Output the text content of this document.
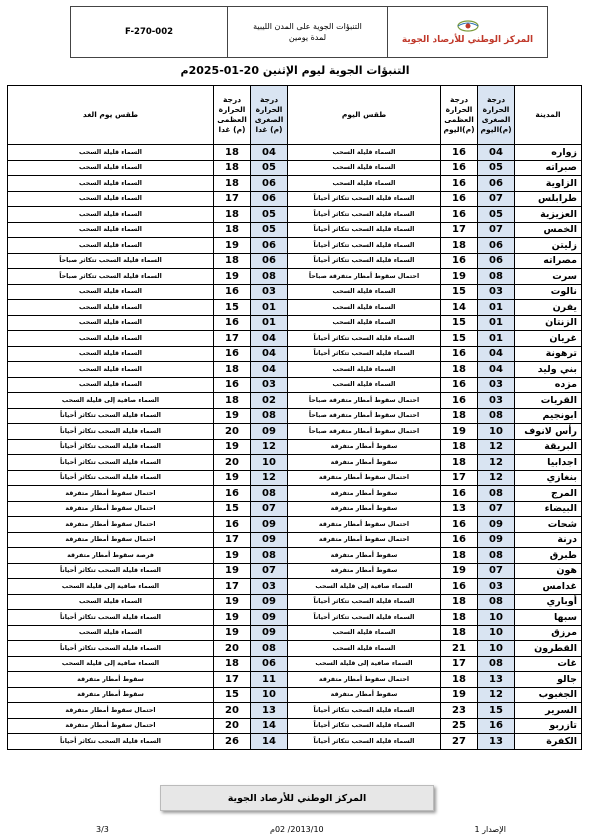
المركز الوطني للأرصاد الجوية
التنبؤات الجوية على المدن الليبية
لمدة يومين
F-270-002
التنبؤات الجوية ليوم الإثنين 20-01-2025م
المدينة	درجة الحرارة الصغرى (م)اليوم	درجة الحرارة العظمى (م)اليوم	طقس اليوم	درجة الحرارة الصغرى (م) غدا	درجة الحرارة العظمى (م) غدا	طقس يوم الغد
زواره	04	16	السماء قليلة السحب	04	18	السماء قليلة السحب
صبراته	05	16	السماء قليلة السحب	05	18	السماء قليلة السحب
الزاوية	06	16	السماء قليلة السحب	06	18	السماء قليلة السحب
طرابلس	07	16	السماء قليلة السحب تتكاثر أحياناً	06	17	السماء قليلة السحب
العزيزية	05	16	السماء قليلة السحب تتكاثر أحياناً	05	18	السماء قليلة السحب
الخمس	07	17	السماء قليلة السحب تتكاثر أحياناً	05	18	السماء قليلة السحب
زليتن	06	18	السماء قليلة السحب تتكاثر أحياناً	06	19	السماء قليلة السحب
مصراته	06	16	السماء قليلة السحب تتكاثر أحياناً	06	18	السماء قليلة السحب تتكاثر صباحاً
سرت	08	19	احتمال سقوط أمطار متفرقة صباحاً	08	19	السماء قليلة السحب تتكاثر صباحاً
نالوت	03	15	السماء قليلة السحب	03	16	السماء قليلة السحب
يفرن	01	14	السماء قليلة السحب	01	15	السماء قليلة السحب
الزنتان	01	15	السماء قليلة السحب	01	16	السماء قليلة السحب
غريان	01	15	السماء قليلة السحب تتكاثر أحياناً	04	17	السماء قليلة السحب
ترهونة	04	16	السماء قليلة السحب تتكاثر أحياناً	04	16	السماء قليلة السحب
بني وليد	04	18	السماء قليلة السحب	04	18	السماء قليلة السحب
مزده	03	16	السماء قليلة السحب	03	16	السماء قليلة السحب
القريات	03	16	احتمال سقوط أمطار متفرقة صباحاً	02	18	السماء صافية إلى قليلة السحب
ابونجيم	08	18	احتمال سقوط أمطار متفرقة صباحاً	08	19	السماء قليلة السحب تتكاثر أحياناً
رأس لانوف	10	19	احتمال سقوط أمطار متفرقة صباحاً	09	20	السماء قليلة السحب تتكاثر أحياناً
البريقة	12	18	سقوط أمطار متفرقة	12	19	السماء قليلة السحب تتكاثر أحياناً
اجدابيا	12	18	سقوط أمطار متفرقة	10	20	السماء قليلة السحب تتكاثر أحياناً
بنغازي	12	17	احتمال سقوط أمطار متفرقة	12	19	السماء قليلة السحب تتكاثر أحياناً
المرج	08	16	سقوط أمطار متفرقة	08	16	احتمال سقوط أمطار متفرقة
البيضاء	07	13	سقوط أمطار متفرقة	07	15	احتمال سقوط أمطار متفرقة
شحات	09	16	احتمال سقوط أمطار متفرقة	09	16	احتمال سقوط أمطار متفرقة
درنة	09	16	احتمال سقوط أمطار متفرقة	09	17	احتمال سقوط أمطار متفرقة
طبرق	08	18	سقوط أمطار متفرقة	08	19	فرصة سقوط أمطار متفرقة
هون	07	19	سقوط أمطار متفرقة	07	19	السماء قليلة السحب تتكاثر أحياناً
غدامس	03	16	السماء صافية إلى قليلة السحب	03	17	السماء صافية إلى قليلة السحب
أوباري	08	18	السماء قليلة السحب تتكاثر أحياناً	09	19	السماء قليلة السحب
سبها	10	18	السماء قليلة السحب تتكاثر أحياناً	09	19	السماء قليلة السحب تتكاثر أحياناً
مرزق	10	18	السماء قليلة السحب	09	19	السماء قليلة السحب
القطرون	10	21	السماء قليلة السحب	08	20	السماء قليلة السحب تتكاثر أحياناً
غات	08	17	السماء صافية إلى قليلة السحب	06	18	السماء صافية إلى قليلة السحب
جالو	13	18	احتمال سقوط أمطار متفرقة	11	17	سقوط أمطار متفرقة
الجغبوب	12	19	سقوط أمطار متفرقة	10	15	سقوط أمطار متفرقة
السرير	15	23	السماء قليلة السحب تتكاثر أحياناً	13	20	احتمال سقوط أمطار متفرقة
تازربو	16	25	السماء قليلة السحب تتكاثر أحياناً	14	20	احتمال سقوط أمطار متفرقة
الكفرة	13	27	السماء قليلة السحب تتكاثر أحياناً	14	26	السماء قليلة السحب تتكاثر أحياناً
المركز الوطني للأرصاد الجوية
الإصدار 1
2013/10/ 02م
3/3
